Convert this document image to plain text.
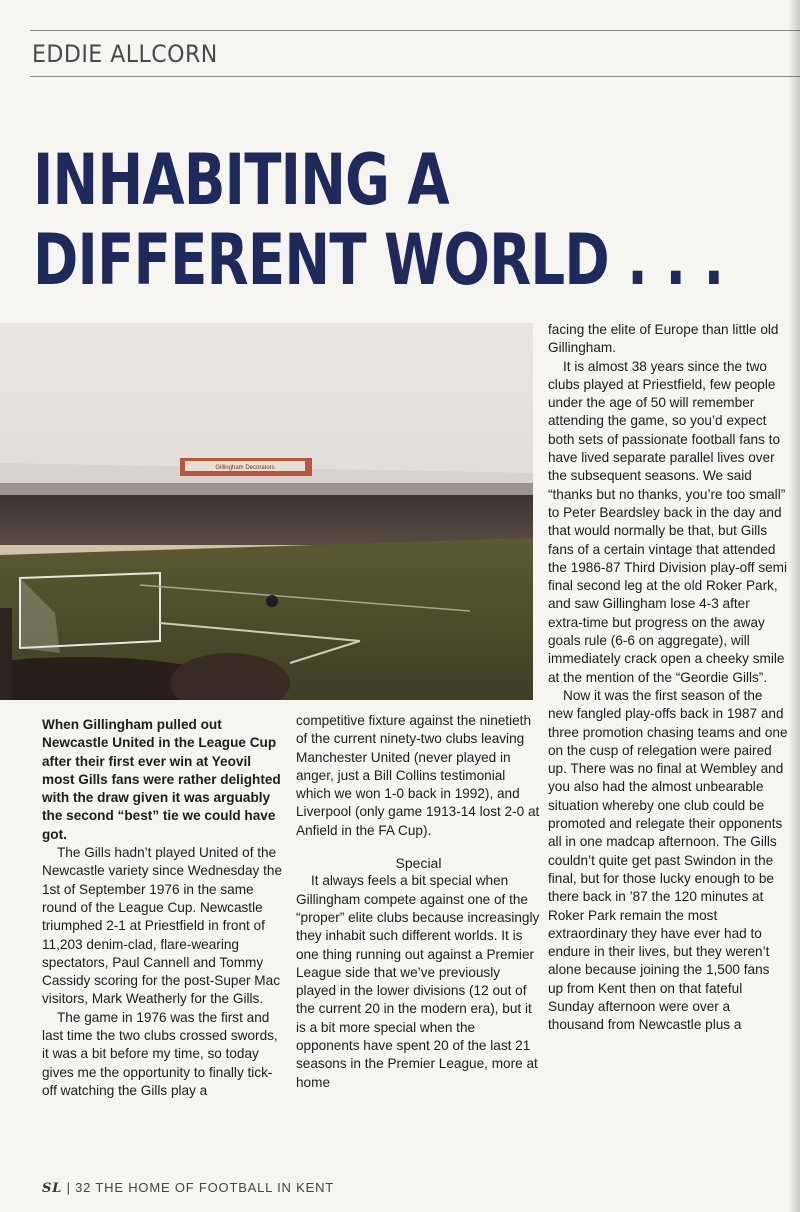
EDDIE ALLCORN
INHABITING A
DIFFERENT WORLD . . .
Gillingham Decorators

When Gillingham pulled out Newcastle United in the League Cup after their first ever win at Yeovil most Gills fans were rather delighted with the draw given it was arguably the second “best” tie we could have got.

The Gills hadn’t played United of the Newcastle variety since Wednesday the 1st of September 1976 in the same round of the League Cup. Newcastle triumphed 2-1 at Priestfield in front of 11,203 denim-clad, flare-wearing spectators, Paul Cannell and Tommy Cassidy scoring for the post-Super Mac visitors, Mark Weatherly for the Gills.

The game in 1976 was the first and last time the two clubs crossed swords, it was a bit before my time, so today gives me the opportunity to finally tick-off watching the Gills play a

competitive fixture against the ninetieth of the current ninety-two clubs leaving Manchester United (never played in anger, just a Bill Collins testimonial which we won 1-0 back in 1992), and Liverpool (only game 1913-14 lost 2-0 at Anfield in the FA Cup).

Special

It always feels a bit special when Gillingham compete against one of the “proper” elite clubs because increasingly they inhabit such different worlds. It is one thing running out against a Premier League side that we’ve previously played in the lower divisions (12 out of the current 20 in the modern era), but it is a bit more special when the opponents have spent 20 of the last 21 seasons in the Premier League, more at home

facing the elite of Europe than little old Gillingham.

It is almost 38 years since the two clubs played at Priestfield, few people under the age of 50 will remember attending the game, so you’d expect both sets of passionate football fans to have lived separate parallel lives over the subsequent seasons. We said “thanks but no thanks, you’re too small” to Peter Beardsley back in the day and that would normally be that, but Gills fans of a certain vintage that attended the 1986-87 Third Division play-off semi final second leg at the old Roker Park, and saw Gillingham lose 4-3 after extra-time but progress on the away goals rule (6-6 on aggregate), will immediately crack open a cheeky smile at the mention of the “Geordie Gills”.

Now it was the first season of the new fangled play-offs back in 1987 and three promotion chasing teams and one on the cusp of relegation were paired up. There was no final at Wembley and you also had the almost unbearable situation whereby one club could be promoted and relegate their opponents all in one madcap afternoon. The Gills couldn’t quite get past Swindon in the final, but for those lucky enough to be there back in ’87 the 120 minutes at Roker Park remain the most extraordinary they have ever had to endure in their lives, but they weren’t alone because joining the 1,500 fans up from Kent then on that fateful Sunday afternoon were over a thousand from Newcastle plus a

SL | 32 THE HOME OF FOOTBALL IN KENT
